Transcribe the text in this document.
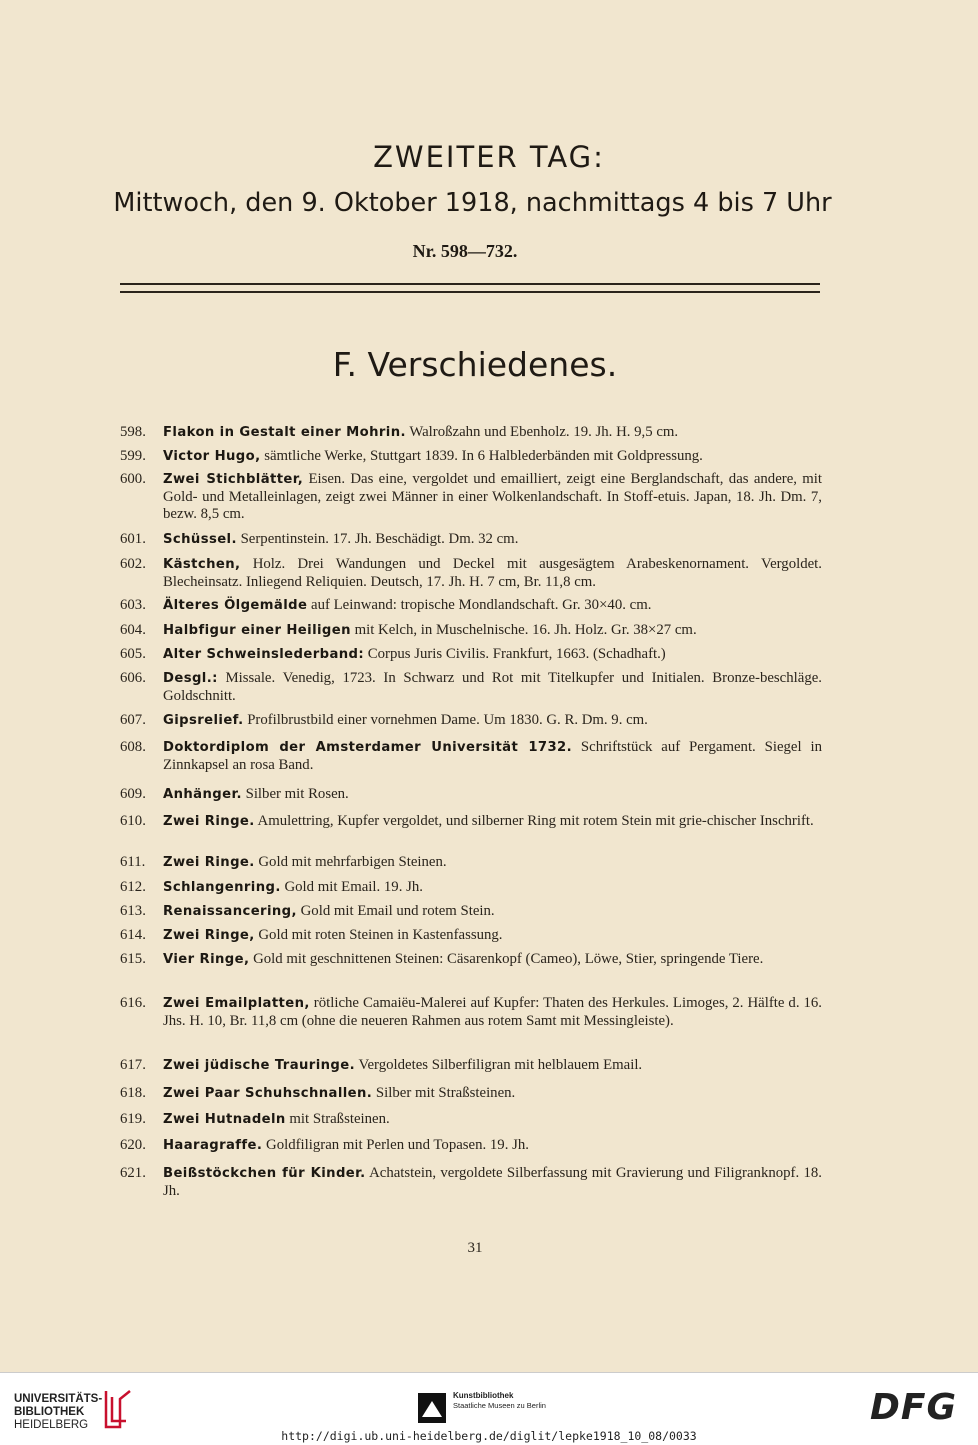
ZWEITER TAG:
Mittwoch, den 9. Oktober 1918, nachmittags 4 bis 7 Uhr
Nr. 598—732.
F. Verschiedenes.
598. Flakon in Gestalt einer Mohrin. Walroßzahn und Ebenholz. 19. Jh. H. 9,5 cm.
599. Victor Hugo, sämtliche Werke, Stuttgart 1839. In 6 Halblederbänden mit Goldpressung.
600. Zwei Stichblätter, Eisen. Das eine, vergoldet und emailliert, zeigt eine Berglandschaft, das andere, mit Gold- und Metalleinlagen, zeigt zwei Männer in einer Wolkenlandschaft. In Stoff-etuis. Japan, 18. Jh. Dm. 7, bezw. 8,5 cm.
601. Schüssel. Serpentinstein. 17. Jh. Beschädigt. Dm. 32 cm.
602. Kästchen, Holz. Drei Wandungen und Deckel mit ausgesägtem Arabeskenornament. Vergoldet. Blecheinsatz. Inliegend Reliquien. Deutsch, 17. Jh. H. 7 cm, Br. 11,8 cm.
603. Älteres Ölgemälde auf Leinwand: tropische Mondlandschaft. Gr. 30×40. cm.
604. Halbfigur einer Heiligen mit Kelch, in Muschelnische. 16. Jh. Holz. Gr. 38×27 cm.
605. Alter Schweinslederband: Corpus Juris Civilis. Frankfurt, 1663. (Schadhaft.)
606. Desgl.: Missale. Venedig, 1723. In Schwarz und Rot mit Titelkupfer und Initialen. Bronze-beschläge. Goldschnitt.
607. Gipsrelief. Profilbrustbild einer vornehmen Dame. Um 1830. G. R. Dm. 9. cm.
608. Doktordiplom der Amsterdamer Universität 1732. Schriftstück auf Pergament. Siegel in Zinnkapsel an rosa Band.
609. Anhänger. Silber mit Rosen.
610. Zwei Ringe. Amulettring, Kupfer vergoldet, und silberner Ring mit rotem Stein mit grie-chischer Inschrift.
611. Zwei Ringe. Gold mit mehrfarbigen Steinen.
612. Schlangenring. Gold mit Email. 19. Jh.
613. Renaissancering, Gold mit Email und rotem Stein.
614. Zwei Ringe, Gold mit roten Steinen in Kastenfassung.
615. Vier Ringe, Gold mit geschnittenen Steinen: Cäsarenkopf (Cameo), Löwe, Stier, springende Tiere.
616. Zwei Emailplatten, rötliche Camaiëu-Malerei auf Kupfer: Thaten des Herkules. Limoges, 2. Hälfte d. 16. Jhs. H. 10, Br. 11,8 cm (ohne die neueren Rahmen aus rotem Samt mit Messingleiste).
617. Zwei jüdische Trauringe. Vergoldetes Silberfiligran mit helblauem Email.
618. Zwei Paar Schuhschnallen. Silber mit Straßsteinen.
619. Zwei Hutnadeln mit Straßsteinen.
620. Haaragraffe. Goldfiligran mit Perlen und Topasen. 19. Jh.
621. Beißstöckchen für Kinder. Achatstein, vergoldete Silberfassung mit Gravierung und Filigranknopf. 18. Jh.
31
UNIVERSITÄTS-
BIBLIOTHEK
HEIDELBERG
Kunstbibliothek
Staatliche Museen zu Berlin	DFG
http://digi.ub.uni-heidelberg.de/diglit/lepke1918_10_08/0033
